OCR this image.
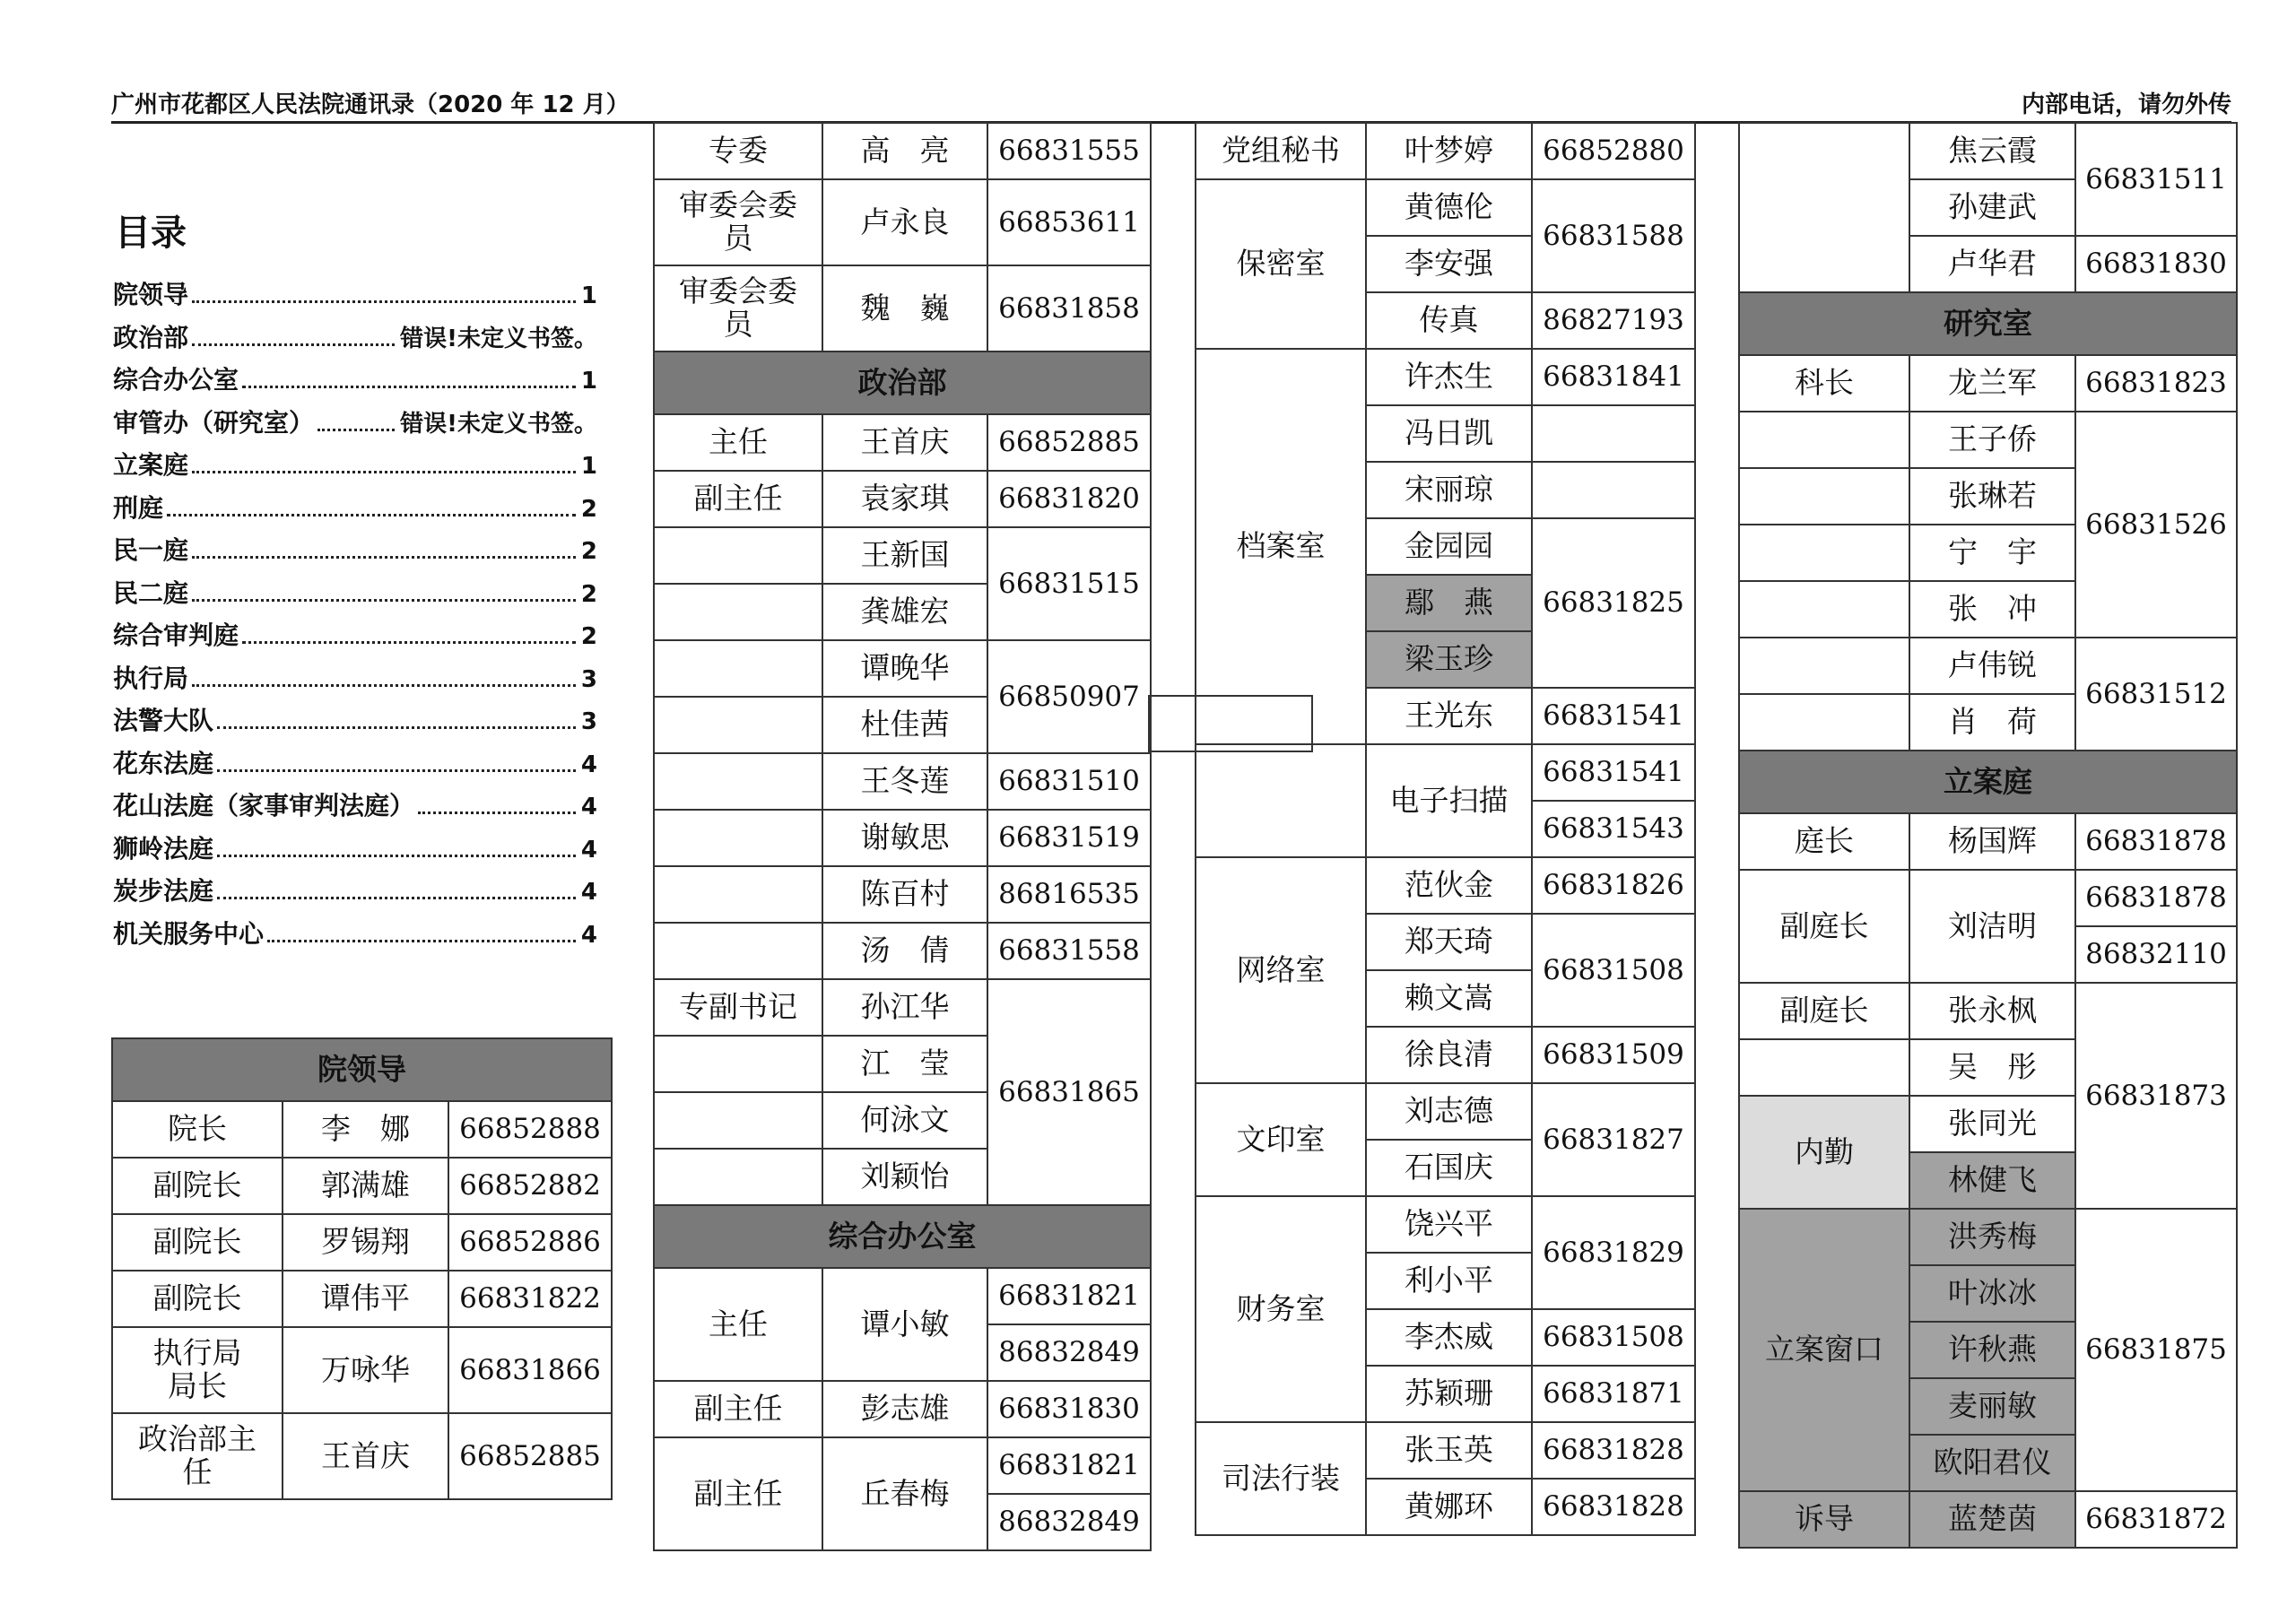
广州市花都区人民法院通讯录（2020 年 12 月）	内部电话，请勿外传
目录
院领导	1
政治部	错误!未定义书签。
综合办公室	1
审管办（研究室）	错误!未定义书签。
立案庭	1
刑庭	2
民一庭	2
民二庭	2
综合审判庭	2
执行局	3
法警大队	3
花东法庭	4
花山法庭（家事审判法庭）	4
狮岭法庭	4
炭步法庭	4
机关服务中心	4
院领导		
院长	李　娜	66852888
副院长	郭满雄	66852882
副院长	罗锡翔	66852886
副院长	谭伟平	66831822
执行局
局长	万咏华	66831866
政治部主
任	王首庆	66852885
专委	高　亮	66831555
审委会委
员	卢永良	66853611
审委会委
员	魏　巍	66831858
政治部		
主任	王首庆	66852885
副主任	袁家琪	66831820
	王新国	66831515
	龚雄宏	
	谭晚华	66850907
	杜佳茜	
	王冬莲	66831510
	谢敏思	66831519
	陈百村	86816535
	汤　倩	66831558
专副书记	孙江华	66831865
	江　莹	
	何泳文	
	刘颖怡	
综合办公室		
主任	谭小敏	66831821
		86832849
副主任	彭志雄	66831830
副主任	丘春梅	66831821
		86832849
党组秘书	叶梦婷	66852880
保密室	黄德伦	66831588
	李安强	
	传真	86827193
档案室	许杰生	66831841
	冯日凯	
	宋丽琼	
	金园园	66831825
	鄢　燕	
	梁玉珍	
	王光东	66831541
	电子扫描	66831541
		66831543
网络室	范伙金	66831826
	郑天琦	66831508
	赖文嵩	
	徐良清	66831509
文印室	刘志德	66831827
	石国庆	
财务室	饶兴平	66831829
	利小平	
	李杰威	66831508
	苏颖珊	66831871
司法行装	张玉英	66831828
	黄娜环	66831828
	焦云霞	66831511
	孙建武	
	卢华君	66831830
研究室		
科长	龙兰军	66831823
	王子侨	66831526
	张琳若	
	宁　宇	
	张　冲	
	卢伟锐	66831512
	肖　荷	
立案庭		
庭长	杨国辉	66831878
副庭长	刘洁明	66831878
		86832110
副庭长	张永枫	66831873
	吴　彤	
内勤	张同光	
	林健飞	
立案窗口	洪秀梅	66831875
	叶冰冰	
	许秋燕	
	麦丽敏	
	欧阳君仪	
诉导	蓝楚茵	66831872
